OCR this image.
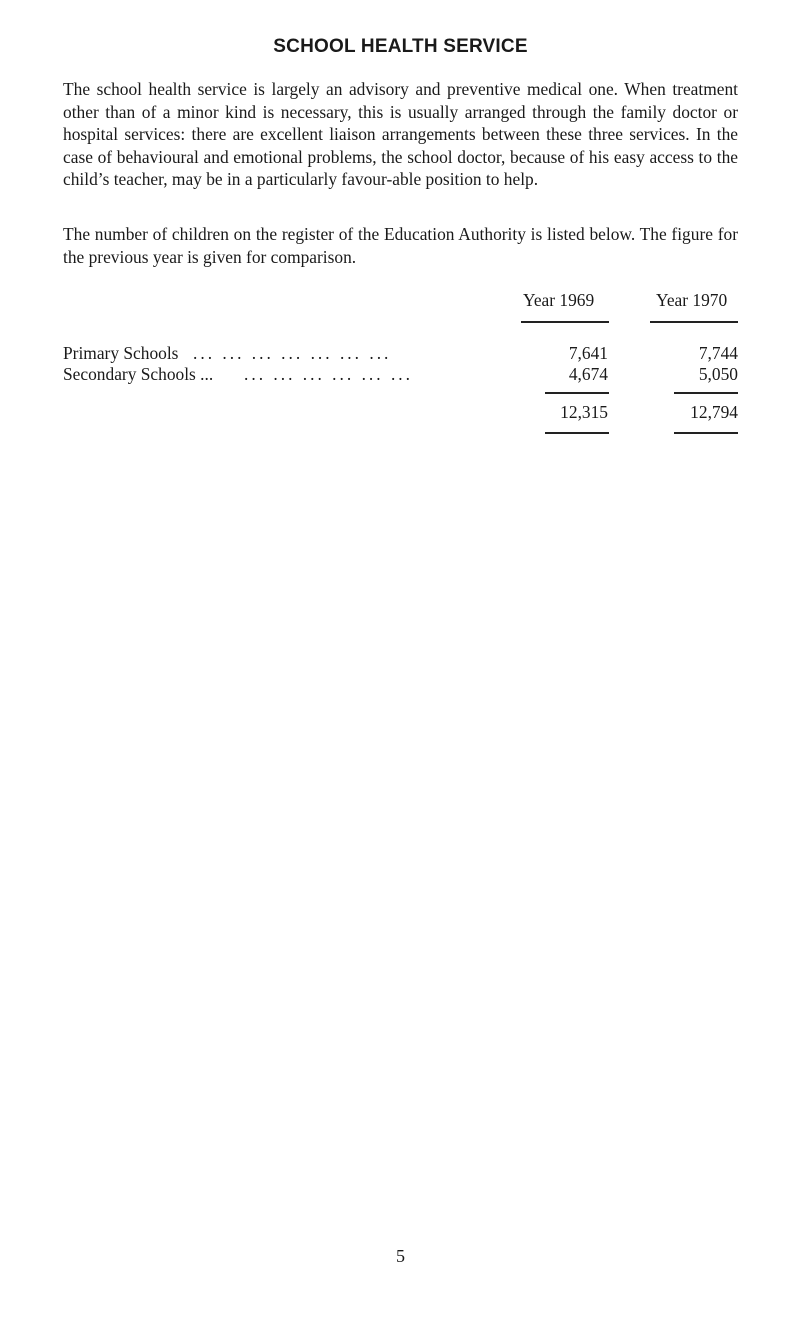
SCHOOL HEALTH SERVICE

The school health service is largely an advisory and preventive medical one. When treatment other than of a minor kind is necessary, this is usually arranged through the family doctor or hospital services: there are excellent liaison arrangements between these three services. In the case of behavioural and emotional problems, the school doctor, because of his easy access to the child’s teacher, may be in a particularly favour-able position to help.

The number of children on the register of the Education Authority is listed below. The figure for the previous year is given for comparison.

Year 1969	Year 1970
Primary Schools ... ... ... ... ... ... ...	7,641	7,744
Secondary Schools ... ... ... ... ... ... ...	4,674	5,050
12,315	12,794
5
